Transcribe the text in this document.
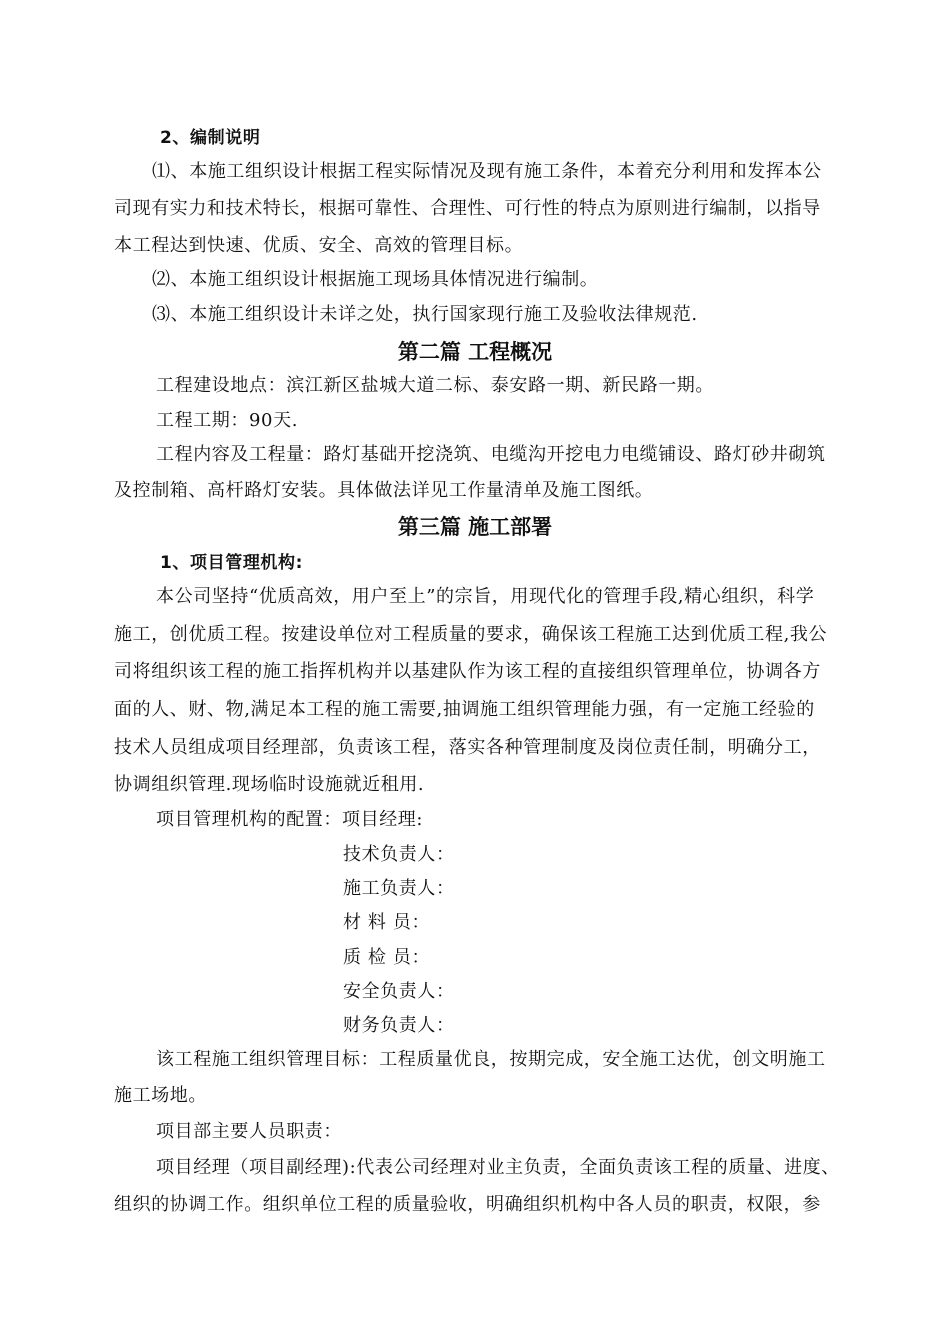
2、编制说明
⑴、本施工组织设计根据工程实际情况及现有施工条件，本着充分利用和发挥本公
司现有实力和技术特长，根据可靠性、合理性、可行性的特点为原则进行编制，以指导
本工程达到快速、优质、安全、高效的管理目标。
⑵、本施工组织设计根据施工现场具体情况进行编制。
⑶、本施工组织设计未详之处，执行国家现行施工及验收法律规范.
第二篇 工程概况
工程建设地点：滨江新区盐城大道二标、泰安路一期、新民路一期。
工程工期：90天.
工程内容及工程量：路灯基础开挖浇筑、电缆沟开挖电力电缆铺设、路灯砂井砌筑
及控制箱、高杆路灯安装。具体做法详见工作量清单及施工图纸。
第三篇 施工部署
1、项目管理机构:
本公司坚持“优质高效，用户至上”的宗旨，用现代化的管理手段,精心组织，科学
施工，创优质工程。按建设单位对工程质量的要求，确保该工程施工达到优质工程,我公
司将组织该工程的施工指挥机构并以基建队作为该工程的直接组织管理单位，协调各方
面的人、财、物,满足本工程的施工需要,抽调施工组织管理能力强，有一定施工经验的
技术人员组成项目经理部，负责该工程，落实各种管理制度及岗位责任制，明确分工，
协调组织管理.现场临时设施就近租用.
项目管理机构的配置：项目经理:
技术负责人：
施工负责人：
材 料 员：
质 检 员：
安全负责人：
财务负责人：
该工程施工组织管理目标：工程质量优良，按期完成，安全施工达优，创文明施工
施工场地。
项目部主要人员职责：
项目经理（项目副经理):代表公司经理对业主负责，全面负责该工程的质量、进度、
组织的协调工作。组织单位工程的质量验收，明确组织机构中各人员的职责，权限，参
